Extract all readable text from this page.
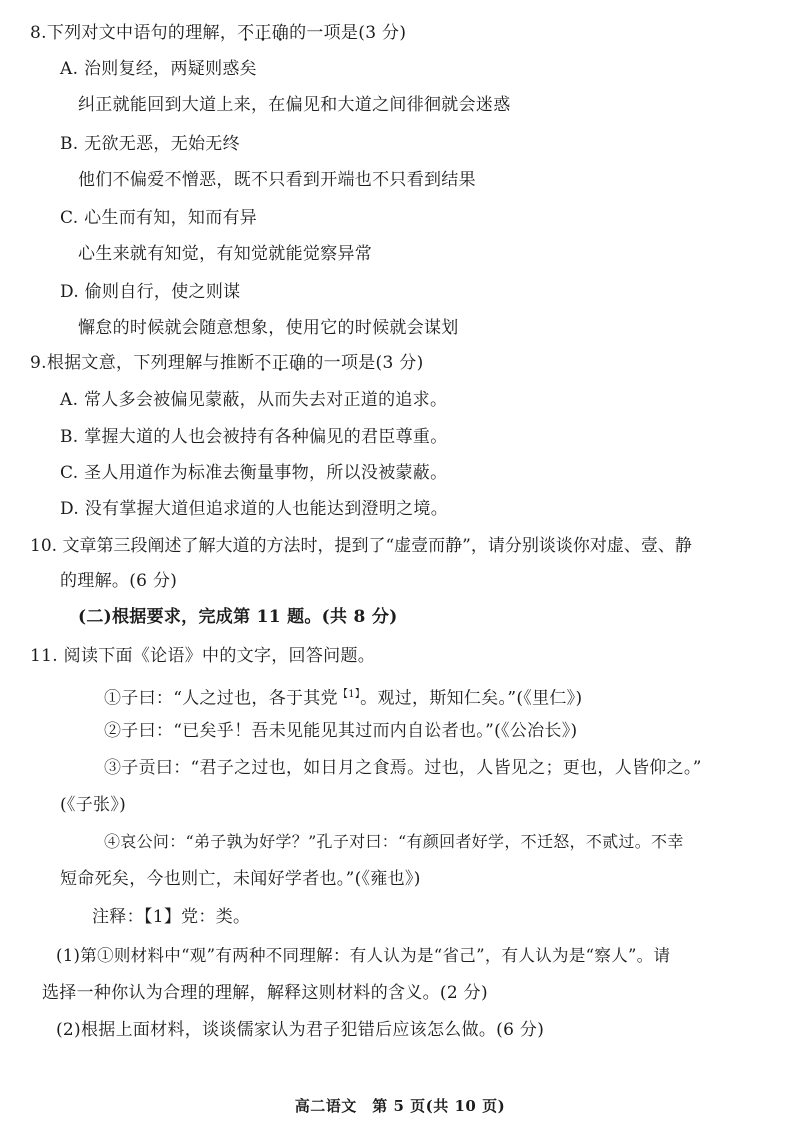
8.下列对文中语句的理解，不正确的一项是(3 分)
A. 治则复经，两疑则惑矣
纠正就能回到大道上来，在偏见和大道之间徘徊就会迷惑
B. 无欲无恶，无始无终
他们不偏爱不憎恶，既不只看到开端也不只看到结果
C. 心生而有知，知而有异
心生来就有知觉，有知觉就能觉察异常
D. 偷则自行，使之则谋
懈怠的时候就会随意想象，使用它的时候就会谋划
9.根据文意，下列理解与推断不正确的一项是(3 分)
A. 常人多会被偏见蒙蔽，从而失去对正道的追求。
B. 掌握大道的人也会被持有各种偏见的君臣尊重。
C. 圣人用道作为标准去衡量事物，所以没被蒙蔽。
D. 没有掌握大道但追求道的人也能达到澄明之境。
10. 文章第三段阐述了解大道的方法时，提到了“虚壹而静”，请分别谈谈你对虚、壹、静
的理解。(6 分)
(二)根据要求，完成第 11 题。(共 8 分)
11. 阅读下面《论语》中的文字，回答问题。
①子曰：“人之过也，各于其党$^{【1】}$。观过，斯知仁矣。”(《里仁》)
②子曰：“已矣乎！吾未见能见其过而内自讼者也。”(《公冶长》)
③子贡曰：“君子之过也，如日月之食焉。过也，人皆见之；更也，人皆仰之。”
(《子张》)
④哀公问：“弟子孰为好学？”孔子对曰：“有颜回者好学，不迁怒，不贰过。不幸
短命死矣，今也则亡，未闻好学者也。”(《雍也》)
注释：【1】党：类。
(1)第①则材料中“观”有两种不同理解：有人认为是“省己”，有人认为是“察人”。请
选择一种你认为合理的理解，解释这则材料的含义。(2 分)
(2)根据上面材料，谈谈儒家认为君子犯错后应该怎么做。(6 分)
高二语文　第 5 页(共 10 页)
